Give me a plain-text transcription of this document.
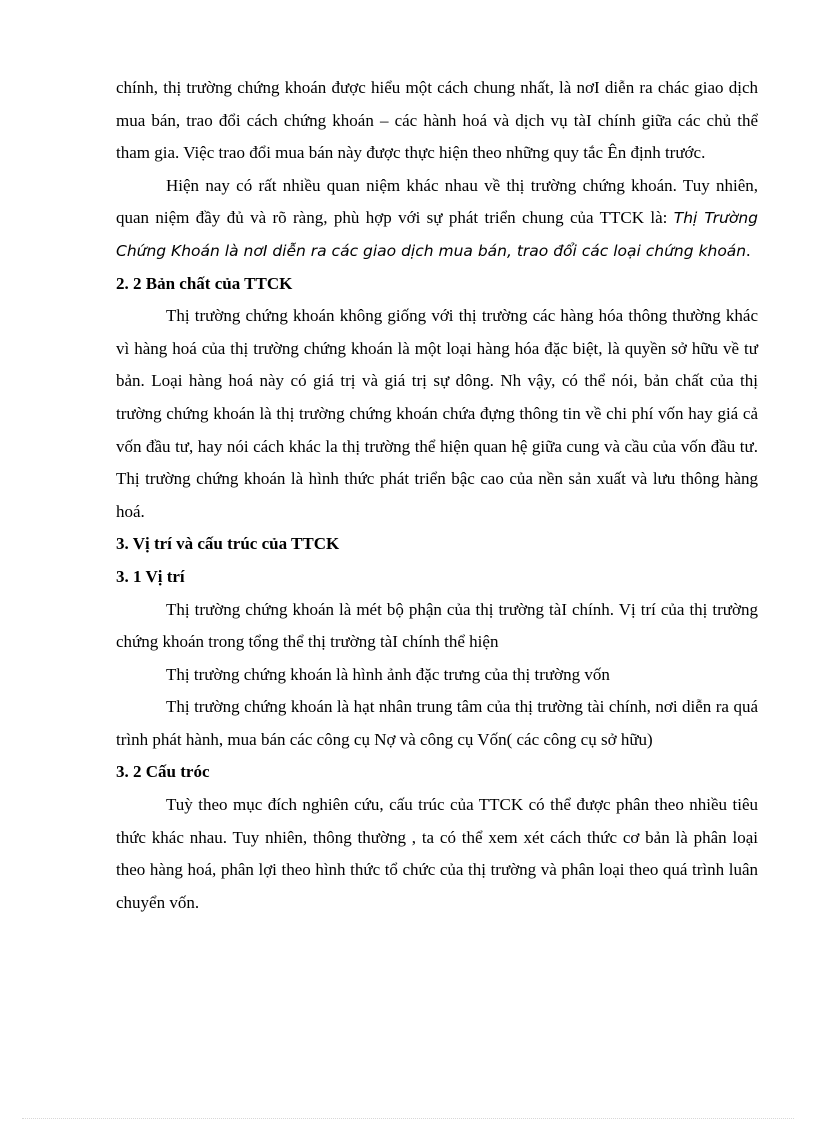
chính, thị trường chứng khoán được hiểu một cách chung nhất, là nơI diễn ra chác giao dịch mua bán, trao đổi cách chứng khoán – các hành hoá và dịch vụ tàI chính giữa các chủ thể tham gia. Việc trao đổi mua bán này được thực hiện theo những quy tắc Ên định trước.

Hiện nay có rất nhiều quan niệm khác nhau về thị trường chứng khoán. Tuy nhiên, quan niệm đầy đủ và rõ ràng, phù hợp với sự phát triển chung của TTCK là: Thị Trường Chứng Khoán là nơI diễn ra các giao dịch mua bán, trao đổi các loại chứng khoán.

2. 2 Bản chất của TTCK

Thị trường chứng khoán không giống với thị trường các hàng hóa thông thường khác vì hàng hoá của thị trường chứng khoán là một loại hàng hóa đặc biệt, là quyền sở hữu về tư bản. Loại hàng hoá này có giá trị và giá trị sự dông. Nh vậy, có thể nói, bản chất của thị trường chứng khoán là thị trường chứng khoán chứa đựng thông tin về chi phí vốn hay giá cả vốn đầu tư, hay nói cách khác la thị trường thể hiện quan hệ giữa cung và cầu của vốn đầu tư. Thị trường chứng khoán là hình thức phát triển bậc cao của nền sản xuất và lưu thông hàng hoá.

3. Vị trí và cấu trúc của TTCK

3. 1 Vị trí

Thị trường chứng khoán là mét bộ phận của thị trường tàI chính. Vị trí của thị trường chứng khoán trong tổng thể thị trường tàI chính thể hiện

Thị trường chứng khoán là hình ảnh đặc trưng của thị trường vốn

Thị trường chứng khoán là hạt nhân trung tâm của thị trường tài chính, nơi diễn ra quá trình phát hành, mua bán các công cụ Nợ và công cụ Vốn( các công cụ sở hữu)

3. 2 Cấu tróc

Tuỳ theo mục đích nghiên cứu, cấu trúc của TTCK có thể được phân theo nhiều tiêu thức khác nhau. Tuy nhiên, thông thường , ta có thể xem xét cách thức cơ bản là phân loại theo hàng hoá, phân lợi theo hình thức tổ chức của thị trường và phân loại theo quá trình luân chuyển vốn.
